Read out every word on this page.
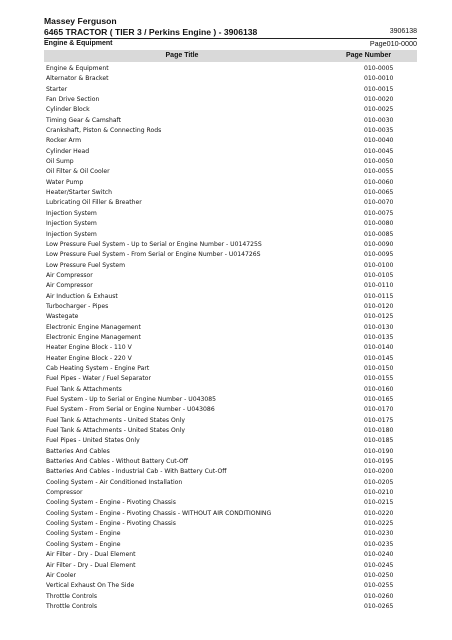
Massey Ferguson
6465 TRACTOR ( TIER 3 / Perkins Engine ) - 3906138	3906138
Engine & Equipment	Page010-0000
Page Title	Page Number
Engine & Equipment	010-0005
Alternator & Bracket	010-0010
Starter	010-0015
Fan Drive Section	010-0020
Cylinder Block	010-0025
Timing Gear & Camshaft	010-0030
Crankshaft, Piston & Connecting Rods	010-0035
Rocker Arm	010-0040
Cylinder Head	010-0045
Oil Sump	010-0050
Oil Filter & Oil Cooler	010-0055
Water Pump	010-0060
Heater/Starter Switch	010-0065
Lubricating Oil Filler & Breather	010-0070
Injection System	010-0075
Injection System	010-0080
Injection System	010-0085
Low Pressure Fuel System - Up to Serial or Engine Number - U014725S	010-0090
Low Pressure Fuel System - From Serial or Engine Number - U014726S	010-0095
Low Pressure Fuel System	010-0100
Air Compressor	010-0105
Air Compressor	010-0110
Air Induction & Exhaust	010-0115
Turbocharger - Pipes	010-0120
Wastegate	010-0125
Electronic Engine Management	010-0130
Electronic Engine Management	010-0135
Heater Engine Block - 110 V	010-0140
Heater Engine Block - 220 V	010-0145
Cab Heating System - Engine Part	010-0150
Fuel Pipes - Water / Fuel Separator	010-0155
Fuel Tank & Attachments	010-0160
Fuel System - Up to Serial or Engine Number - U043085	010-0165
Fuel System - From Serial or Engine Number - U043086	010-0170
Fuel Tank & Attachments - United States Only	010-0175
Fuel Tank & Attachments - United States Only	010-0180
Fuel Pipes - United States Only	010-0185
Batteries And Cables	010-0190
Batteries And Cables - Without Battery Cut-Off	010-0195
Batteries And Cables - Industrial Cab - With Battery Cut-Off	010-0200
Cooling System - Air Conditioned Installation	010-0205
Compressor	010-0210
Cooling System - Engine - Pivoting Chassis	010-0215
Cooling System - Engine - Pivoting Chassis - WITHOUT AIR CONDITIONING	010-0220
Cooling System - Engine - Pivoting Chassis	010-0225
Cooling System - Engine	010-0230
Cooling System - Engine	010-0235
Air Filter - Dry - Dual Element	010-0240
Air Filter - Dry - Dual Element	010-0245
Air Cooler	010-0250
Vertical Exhaust On The Side	010-0255
Throttle Controls	010-0260
Throttle Controls	010-0265
